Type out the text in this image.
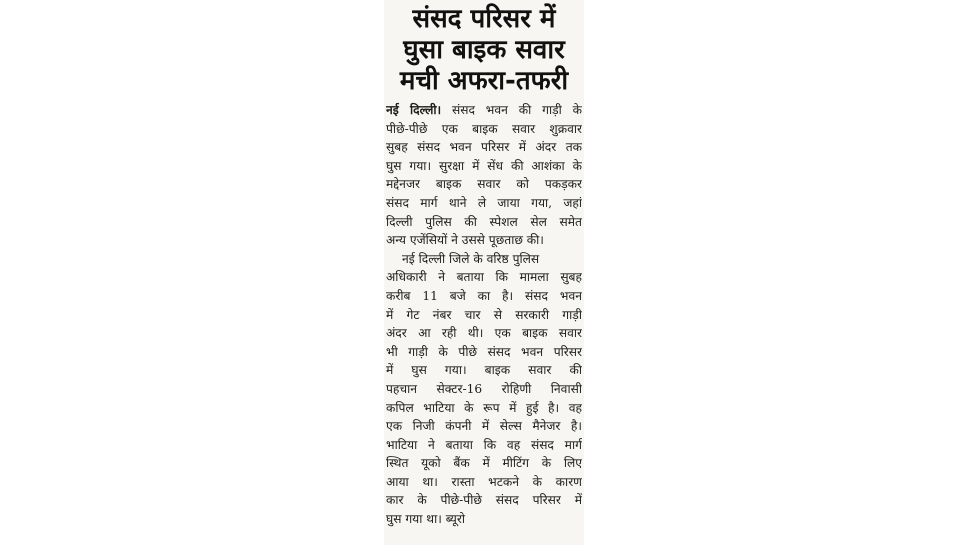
संसद परिसर में
घुसा बाइक सवार
मची अफरा-तफरी
नई दिल्ली। संसद भवन की गाड़ी के
पीछे-पीछे एक बाइक सवार शुक्रवार
सुबह संसद भवन परिसर में अंदर तक
घुस गया। सुरक्षा में सेंध की आशंका के
मद्देनजर बाइक सवार को पकड़कर
संसद मार्ग थाने ले जाया गया, जहां
दिल्ली पुलिस की स्पेशल सेल समेत
अन्य एजेंसियों ने उससे पूछताछ की।
नई दिल्ली जिले के वरिष्ठ पुलिस
अधिकारी ने बताया कि मामला सुबह
करीब 11 बजे का है। संसद भवन
में गेट नंबर चार से सरकारी गाड़ी
अंदर आ रही थी। एक बाइक सवार
भी गाड़ी के पीछे संसद भवन परिसर
में घुस गया। बाइक सवार की
पहचान सेक्टर-16 रोहिणी निवासी
कपिल भाटिया के रूप में हुई है। वह
एक निजी कंपनी में सेल्स मैनेजर है।
भाटिया ने बताया कि वह संसद मार्ग
स्थित यूको बैंक में मीटिंग के लिए
आया था। रास्ता भटकने के कारण
कार के पीछे-पीछे संसद परिसर में
घुस गया था। ब्यूरो
